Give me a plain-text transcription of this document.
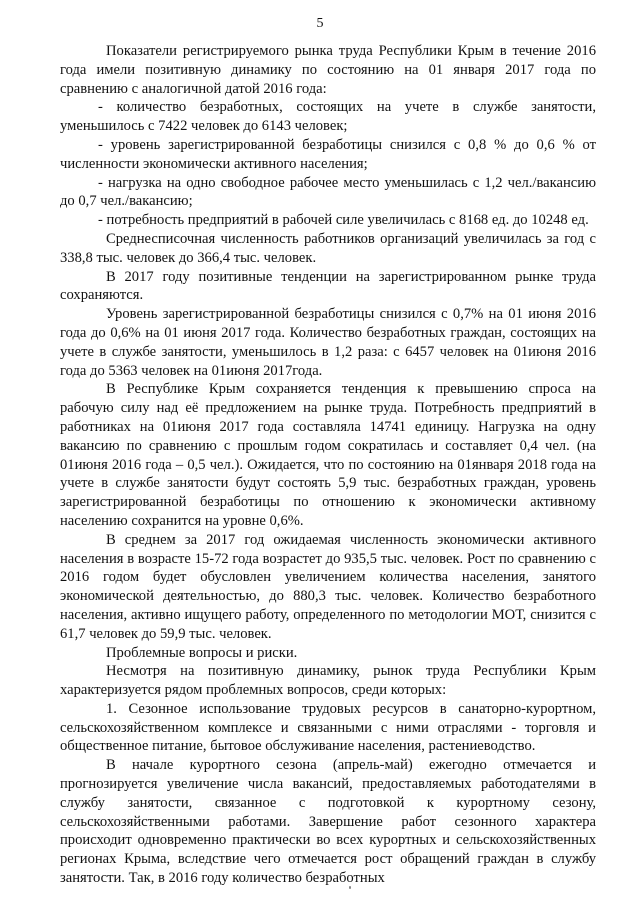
5

Показатели регистрируемого рынка труда Республики Крым в течение 2016 года имели позитивную динамику по состоянию на 01 января 2017 года по сравнению с аналогичной датой 2016 года:

- количество безработных, состоящих на учете в службе занятости, уменьшилось с 7422 человек до 6143 человек;

- уровень зарегистрированной безработицы снизился с 0,8 % до 0,6 % от численности экономически активного населения;

- нагрузка на одно свободное рабочее место уменьшилась с 1,2 чел./вакансию до 0,7 чел./вакансию;

- потребность предприятий в рабочей силе увеличилась с 8168 ед. до 10248 ед.

Среднесписочная численность работников организаций увеличилась за год с 338,8 тыс. человек до 366,4 тыс. человек.

В 2017 году позитивные тенденции на зарегистрированном рынке труда сохраняются.

Уровень зарегистрированной безработицы снизился с 0,7% на 01 июня 2016 года до 0,6% на 01 июня 2017 года. Количество безработных граждан, состоящих на учете в службе занятости, уменьшилось в 1,2 раза: с 6457 человек на 01июня 2016 года до 5363 человек на 01июня 2017года.

В Республике Крым сохраняется тенденция к превышению спроса на рабочую силу над её предложением на рынке труда. Потребность предприятий в работниках на 01июня 2017 года составляла 14741 единицу. Нагрузка на одну вакансию по сравнению с прошлым годом сократилась и составляет 0,4 чел. (на 01июня 2016 года – 0,5 чел.). Ожидается, что по состоянию на 01января 2018 года на учете в службе занятости будут состоять 5,9 тыс. безработных граждан, уровень зарегистрированной безработицы по отношению к экономически активному населению сохранится на уровне 0,6%.

В среднем за 2017 год ожидаемая численность экономически активного населения в возрасте 15-72 года возрастет до 935,5 тыс. человек. Рост по сравнению с 2016 годом будет обусловлен увеличением количества населения, занятого экономической деятельностью, до 880,3 тыс. человек. Количество безработного населения, активно ищущего работу, определенного по методологии МОТ, снизится с 61,7 человек до 59,9 тыс. человек.

Проблемные вопросы и риски.

Несмотря на позитивную динамику, рынок труда Республики Крым характеризуется рядом проблемных вопросов, среди которых:

1. Сезонное использование трудовых ресурсов в санаторно-курортном, сельскохозяйственном комплексе и связанными с ними отраслями - торговля и общественное питание, бытовое обслуживание населения, растениеводство.

В начале курортного сезона (апрель-май) ежегодно отмечается и прогнозируется увеличение числа вакансий, предоставляемых работодателями в службу занятости, связанное с подготовкой к курортному сезону, сельскохозяйственными работами. Завершение работ сезонного характера происходит одновременно практически во всех курортных и сельскохозяйственных регионах Крыма, вследствие чего отмечается рост обращений граждан в службу занятости. Так, в 2016 году количество безработных
